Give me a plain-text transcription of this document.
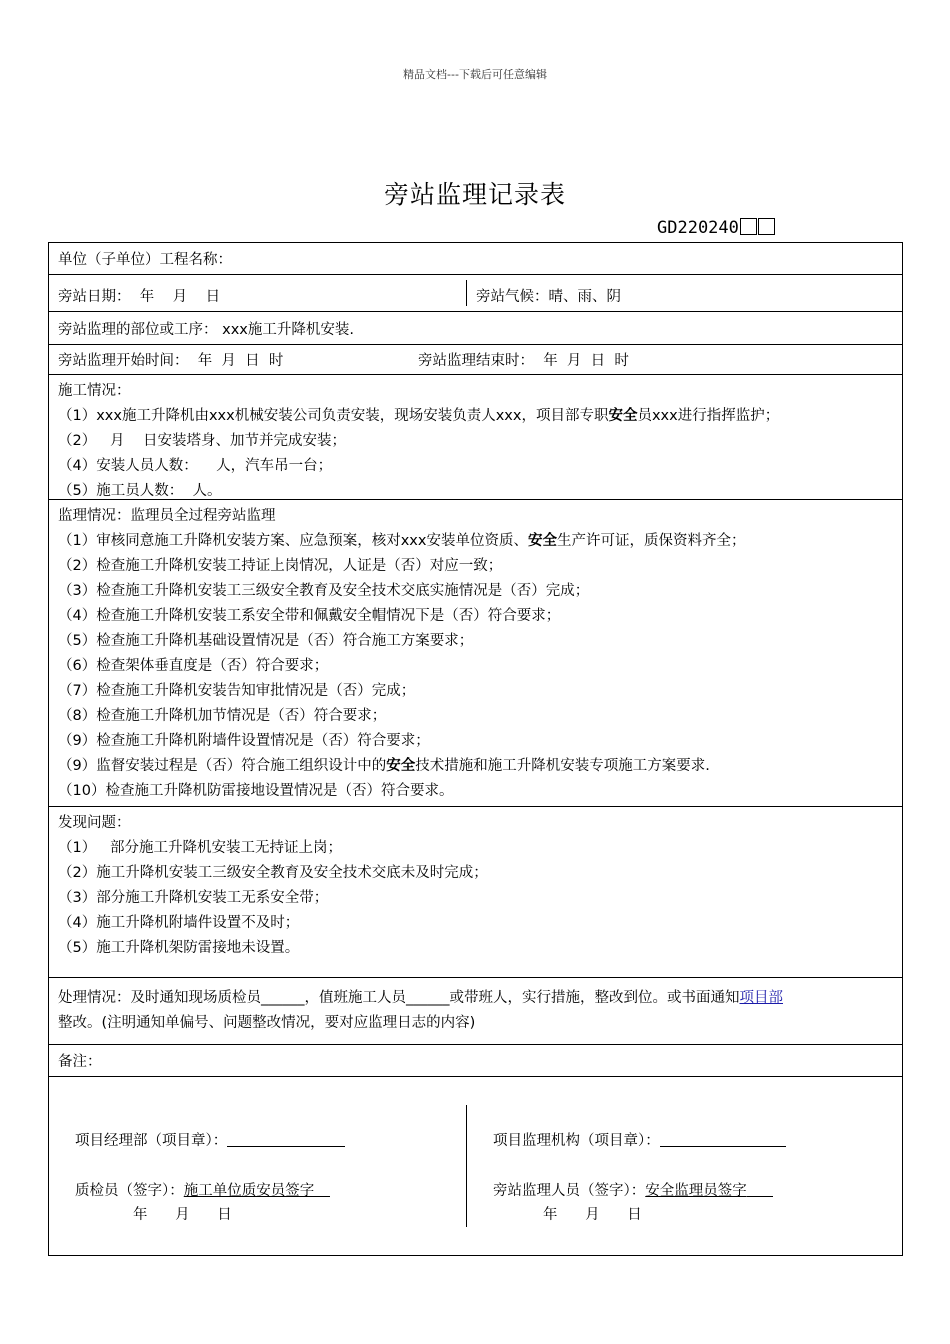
精品文档---下载后可任意编辑
旁站监理记录表
GD220240
单位（子单位）工程名称：
旁站日期：  年    月    日	旁站气候：晴、雨、阴
旁站监理的部位或工序： xxx施工升降机安装.
旁站监理开始时间：  年  月  日  时	旁站监理结束时：  年  月  日  时
施工情况：
（1）xxx施工升降机由xxx机械安装公司负责安装，现场安装负责人xxx，项目部专职安全员xxx进行指挥监护；
（2）   月    日安装塔身、加节并完成安装；
（4）安装人员人数：    人，汽车吊一台；
（5）施工员人数：  人。
监理情况：监理员全过程旁站监理
（1）审核同意施工升降机安装方案、应急预案，核对xxx安装单位资质、安全生产许可证，质保资料齐全；
（2）检查施工升降机安装工持证上岗情况，人证是（否）对应一致；
（3）检查施工升降机安装工三级安全教育及安全技术交底实施情况是（否）完成；
（4）检查施工升降机安装工系安全带和佩戴安全帽情况下是（否）符合要求；
（5）检查施工升降机基础设置情况是（否）符合施工方案要求；
（6）检查架体垂直度是（否）符合要求；
（7）检查施工升降机安装告知审批情况是（否）完成；
（8）检查施工升降机加节情况是（否）符合要求；
（9）检查施工升降机附墙件设置情况是（否）符合要求；
（9）监督安装过程是（否）符合施工组织设计中的安全技术措施和施工升降机安装专项施工方案要求.
（10）检查施工升降机防雷接地设置情况是（否）符合要求。
发现问题：
（1）   部分施工升降机安装工无持证上岗；
（2）施工升降机安装工三级安全教育及安全技术交底未及时完成；
（3）部分施工升降机安装工无系安全带；
（4）施工升降机附墙件设置不及时；
（5）施工升降机架防雷接地未设置。
处理情况：及时通知现场质检员______，值班施工人员______或带班人，实行措施，整改到位。或书面通知项目部
整改。(注明通知单偏号、问题整改情况，要对应监理日志的内容)
备注：
项目经理部（项目章）：
质检员（签字）：施工单位质安员签字
年      月      日
项目监理机构（项目章）：
旁站监理人员（签字）：安全监理员签字
年      月      日
